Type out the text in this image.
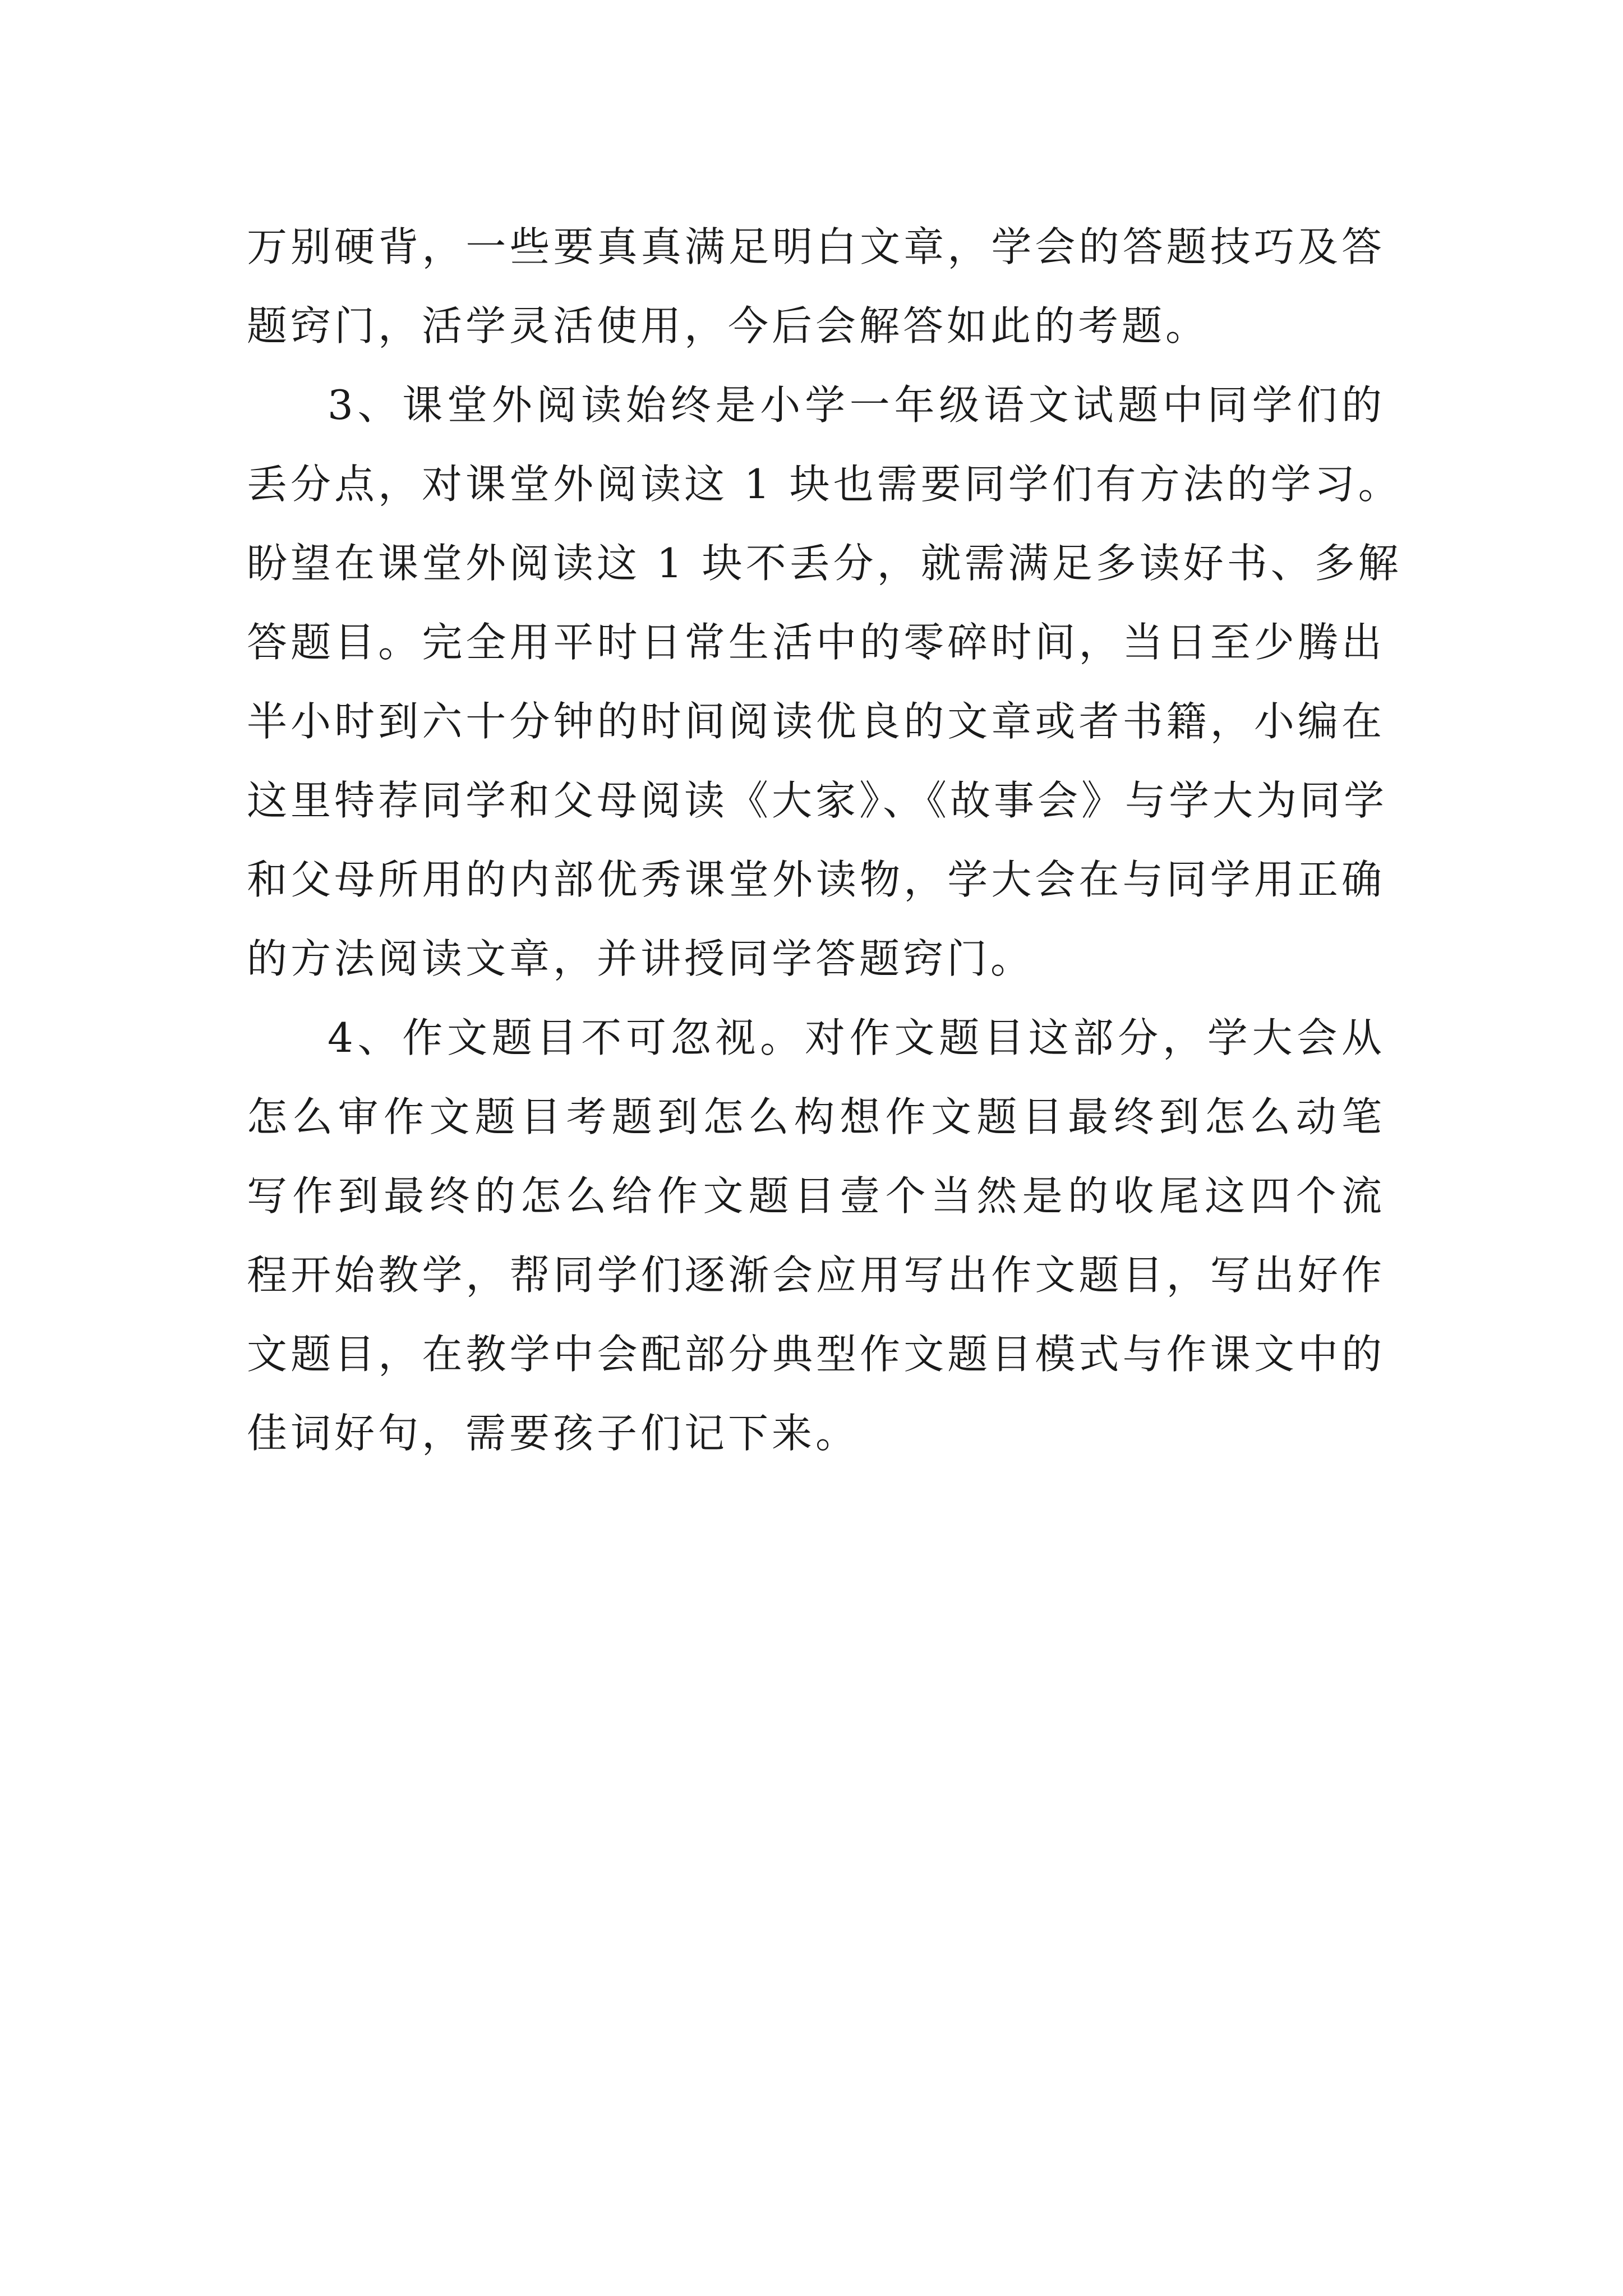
万别硬背，一些要真真满足明白文章，学会的答题技巧及答
题窍门，活学灵活使用，今后会解答如此的考题。
3、课堂外阅读始终是小学一年级语文试题中同学们的
丢分点，对课堂外阅读这 1 块也需要同学们有方法的学习。
盼望在课堂外阅读这 1 块不丢分，就需满足多读好书、多解
答题目。完全用平时日常生活中的零碎时间，当日至少腾出
半小时到六十分钟的时间阅读优良的文章或者书籍，小编在
这里特荐同学和父母阅读《大家》、《故事会》与学大为同学
和父母所用的内部优秀课堂外读物，学大会在与同学用正确
的方法阅读文章，并讲授同学答题窍门。
4、作文题目不可忽视。对作文题目这部分，学大会从
怎么审作文题目考题到怎么构想作文题目最终到怎么动笔
写作到最终的怎么给作文题目壹个当然是的收尾这四个流
程开始教学，帮同学们逐渐会应用写出作文题目，写出好作
文题目，在教学中会配部分典型作文题目模式与作课文中的
佳词好句，需要孩子们记下来。
